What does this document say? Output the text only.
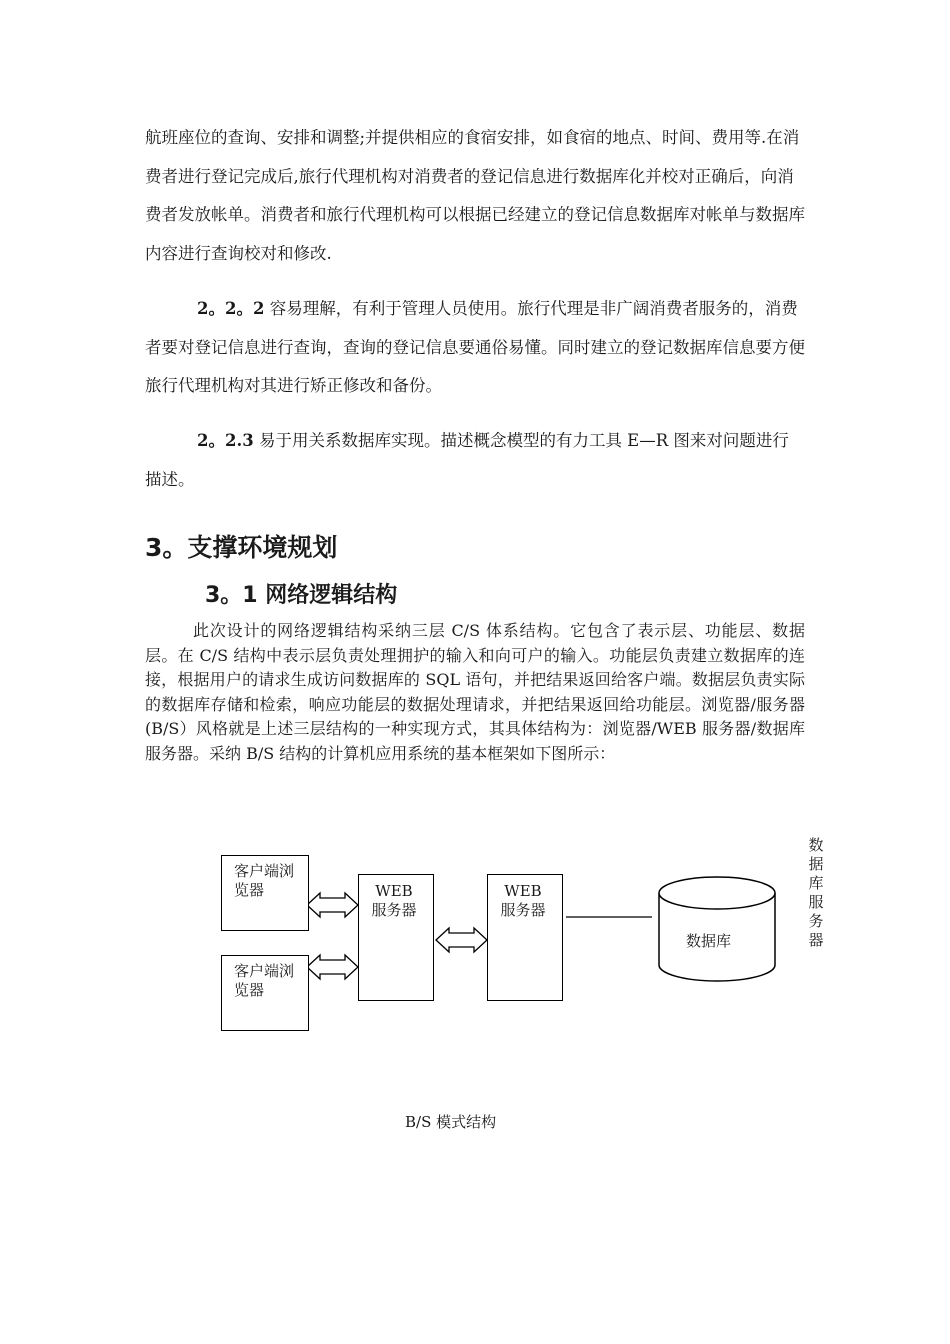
航班座位的查询、安排和调整;并提供相应的食宿安排，如食宿的地点、时间、费用等.在消费者进行登记完成后,旅行代理机构对消费者的登记信息进行数据库化并校对正确后，向消费者发放帐单。消费者和旅行代理机构可以根据已经建立的登记信息数据库对帐单与数据库内容进行查询校对和修改.

2。2。2 容易理解，有利于管理人员使用。旅行代理是非广阔消费者服务的，消费者要对登记信息进行查询，查询的登记信息要通俗易懂。同时建立的登记数据库信息要方便旅行代理机构对其进行矫正修改和备份。

2。2.3 易于用关系数据库实现。描述概念模型的有力工具 E—R 图来对问题进行描述。

3。支撑环境规划
3。1 网络逻辑结构

此次设计的网络逻辑结构采纳三层 C/S 体系结构。它包含了表示层、功能层、数据层。在 C/S 结构中表示层负责处理拥护的输入和向可户的输入。功能层负责建立数据库的连接，根据用户的请求生成访问数据库的 SQL 语句，并把结果返回给客户端。数据层负责实际的数据库存储和检索，响应功能层的数据处理请求，并把结果返回给功能层。浏览器/服务器(B/S）风格就是上述三层结构的一种实现方式，其具体结构为：浏览器/WEB 服务器/数据库服务器。采纳 B/S 结构的计算机应用系统的基本框架如下图所示：

客户端浏览器
客户端浏览器
WEB 服务器
WEB 服务器
数据库
数据库服务器
B/S 模式结构
